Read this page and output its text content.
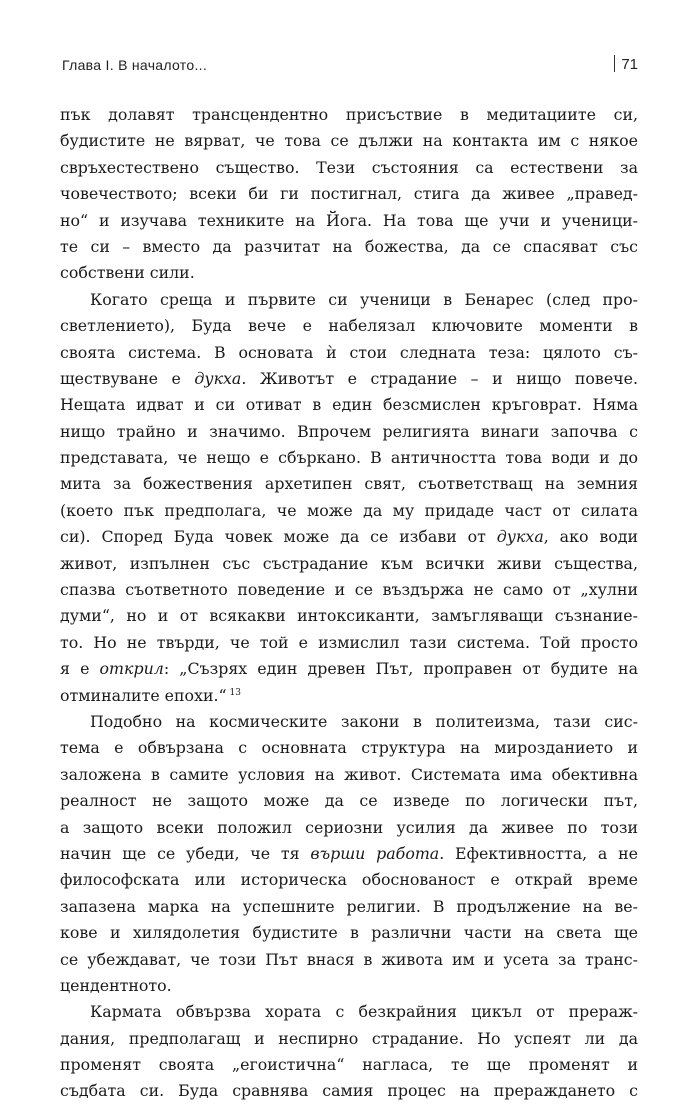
Глава I. В началото...	71
пък долавят трансцендентно присъствие в медитациите си,
будистите не вярват, че това се дължи на контакта им с някое
свръхестествено същество. Тези състояния са естествени за
човечеството; всеки би ги постигнал, стига да живее „правед-
но“ и изучава техниките на Йога. На това ще учи и ученици-
те си – вместо да разчитат на божества, да се спасяват със
собствени сили.
Когато среща и първите си ученици в Бенарес (след про-
светлението), Буда вече е набелязал ключовите моменти в
своята система. В основата ѝ стои следната теза: цялото съ-
ществуване е дукха. Животът е страдание – и нищо повече.
Нещата идват и си отиват в един безсмислен кръговрат. Няма
нищо трайно и значимо. Впрочем религията винаги започва с
представата, че нещо е сбъркано. В античността това води и до
мита за божествения архетипен свят, съответстващ на земния
(което пък предполага, че може да му придаде част от силата
си). Според Буда човек може да се избави от дукха, ако води
живот, изпълнен със състрадание към всички живи същества,
спазва съответното поведение и се въздържа не само от „хулни
думи“, но и от всякакви интоксиканти, замъгляващи съзнание-
то. Но не твърди, че той е измислил тази система. Той просто
я е открил: „Съзрях един древен Път, проправен от будите на
отминалите епохи.“ $^{13}$
Подобно на космическите закони в политеизма, тази сис-
тема е обвързана с основната структура на мирозданието и
заложена в самите условия на живот. Системата има обективна
реалност не защото може да се изведе по логически път,
а защото всеки положил сериозни усилия да живее по този
начин ще се убеди, че тя върши работа. Ефективността, а не
философската или историческа обоснованост е открай време
запазена марка на успешните религии. В продължение на ве-
кове и хилядолетия будистите в различни части на света ще
се убеждават, че този Път внася в живота им и усета за транс-
цендентното.
Кармата обвързва хората с безкрайния цикъл от прераж-
дания, предполагащ и неспирно страдание. Но успеят ли да
променят своята „егоистична“ нагласа, те ще променят и
съдбата си. Буда сравнява самия процес на прераждането с
